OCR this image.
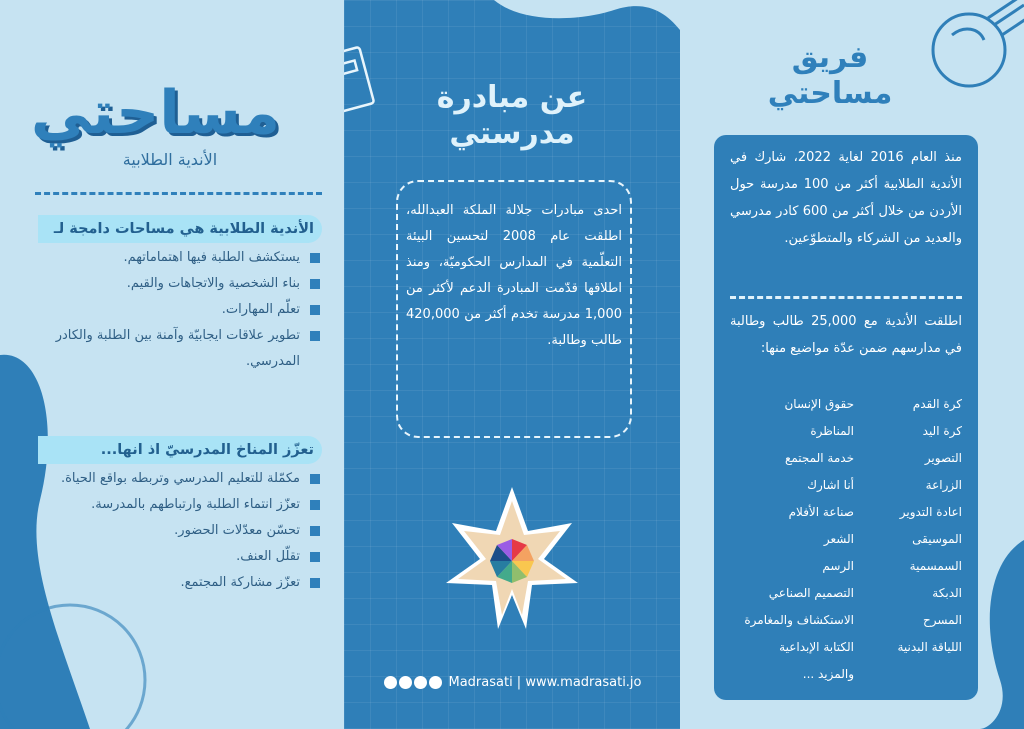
مساحتي
الأندية الطلابية
الأندية الطلابية هي مساحات دامجة لـ
يستكشف الطلبة فيها اهتماماتهم.
بناء الشخصية والاتجاهات والقيم.
تعلّم المهارات.
تطوير علاقات ايجابيّة وآمنة بين الطلبة والكادر المدرسي.
تعزّز المناخ المدرسيّ اذ انها...
مكمّلة للتعليم المدرسي وتربطه بواقع الحياة.
تعزّز انتماء الطلبة وارتباطهم بالمدرسة.
تحسّن معدّلات الحضور.
تقلّل العنف.
تعزّز مشاركة المجتمع.
عن مبادرة
مدرستي
احدى مبادرات جلالة الملكة العبدالله، اطلقت عام 2008 لتحسين البيئة التعلّمية في المدارس الحكوميّة، ومنذ اطلاقها قدّمت المبادرة الدعم لأكثر من 1,000 مدرسة تخدم أكثر من 420,000 طالب وطالبة.
Madrasati | www.madrasati.jo
فريق
مساحتي
منذ العام 2016 لغاية 2022، شارك في الأندية الطلابية أكثر من 100 مدرسة حول الأردن من خلال أكثر من 600 كادر مدرسي والعديد من الشركاء والمتطوّعين.
اطلقت الأندية مع 25,000 طالب وطالبة في مدارسهم ضمن عدّة مواضيع منها:
كرة القدم
حقوق الإنسان
كرة اليد
المناظرة
التصوير
خدمة المجتمع
الزراعة
أنا اشارك
اعادة التدوير
صناعة الأفلام
الموسيقى
الشعر
السمسمية
الرسم
الدبكة
التصميم الصناعي
المسرح
الاستكشاف والمغامرة
اللياقة البدنية
الكتابة الإبداعية
والمزيد ...
